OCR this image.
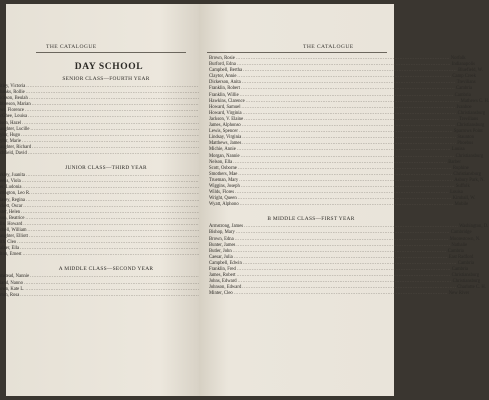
THE CATALOGUE
DAY SCHOOL
SENIOR CLASS—FOURTH YEAR
itley, Victoria
.....
banks, Rollie
.....
ickson, Beulah
.....
bbreson, Marian
.....
ws, Florence
.....
cGhee, Louisa
.....
lson, Hazel
.....
aughter, Lucille
.....
ylor, Hugo
.....
ylor, Marie
.....
aughter, Richard
.....
chfield, David
.....
JUNIOR CLASS—THIRD YEAR
rkley, Juanita
.....
eeks, Viola
.....
er, Ludonia
.....
rrington, Leo R.
.....
lasey, Regina
.....
ckett, Oscar
.....
ster, Helen
.....
son, Beatrice
.....
lin, Howard
.....
chell, William
.....
aughter, Elliott
.....
ith, Cleo
.....
alker, Ella
.....
lton, Ernest
.....
A MIDDLE CLASS—SECOND YEAR
mstead, Nannie
.....
land, Nanno
.....
own, Kate L.
.....
rton, Rosa
.....
THE CATALOGUE
Brown, Rosie .....	Norfolk
Burford, Edna .....	Indianapolis
Campbell, Bertha .....	Bluefield, W.
Claytor, Annie .....	Camp Creek
Dickerson, Anita .....	Trevilians
Franklin, Robert .....	Cambria
Franklin, Willie .....	Cambria
Hawkins, Clarence .....	Mathews C. H.
Howard, Samuel .....	Ivanhoe
Howard, Virginia .....	Christiansburg
Jackson, V. Elaine .....	Trevilians
James, Alphonso .....	Christiansburg
Lewis, Spencer .....	Sparrows Point
Lindsay, Virginia .....	Staunton
Matthews, James .....	Phoebus
Michie, Annie .....	Louisa
Morgan, Nannie .....	Christiansburg
Nelson, Ella .....	Barber
Scott, Osborne .....	Ruphine
Smothers, Mae .....	Christiansburg
Trueman, Mary .....	Asbury Park, N.
Wiggins, Joseph .....	Suffolk
Wilds, Flores .....	Louisa
Wright, Queen .....	Kimball, W.
Wyatt, Alphono .....	Mobile
B MIDDLE CLASS—FIRST YEAR
Armstrong, James .....	Washington, D.
Bishop, Mary .....	Cambridge
Brown, Edna .....	Moorestown, N.
Bunter, James .....	Nathalie
Butler, John .....	Cambria
Caesar, Julia .....	East Radford
Campbell, Edwin .....	Cambria
Franklin, Fred .....	Cambria
James, Robert .....	Christiansburg
Johns, Edward .....	Christiansburg
Johnson, Edward .....	Charlotte C. H.
Minter, Cleo .....	New River
